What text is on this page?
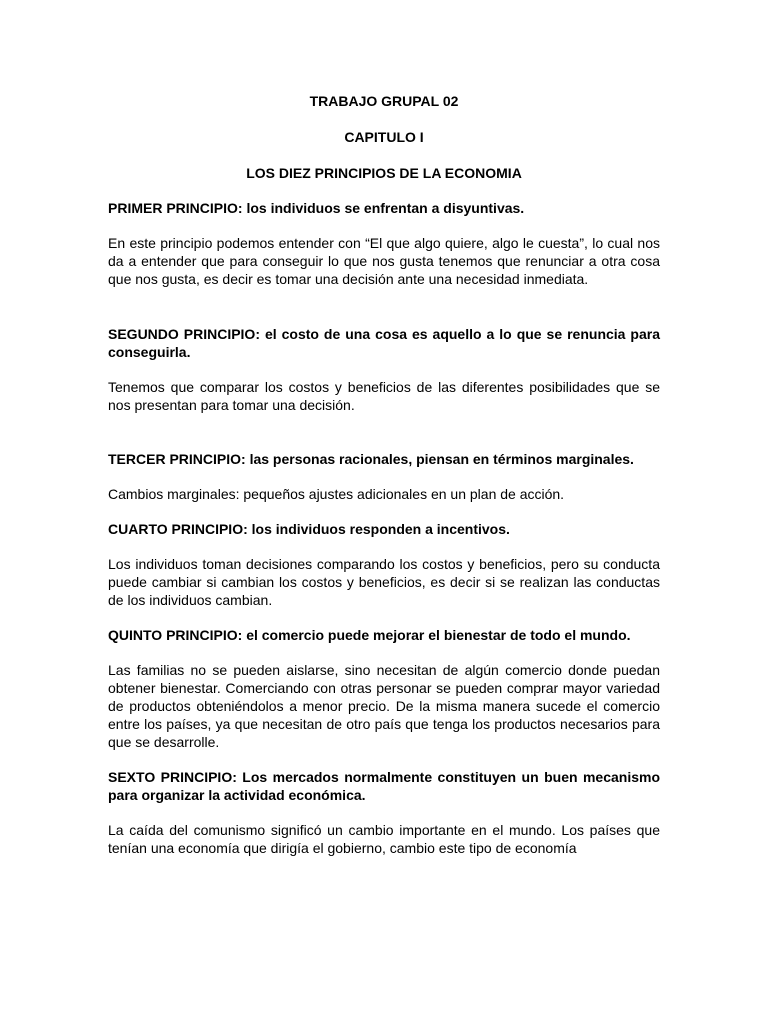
TRABAJO GRUPAL 02

CAPITULO I

LOS DIEZ PRINCIPIOS DE LA ECONOMIA

PRIMER PRINCIPIO: los individuos se enfrentan a disyuntivas.

En este principio podemos entender con “El que algo quiere, algo le cuesta”, lo cual nos da a entender que para conseguir lo que nos gusta tenemos que renunciar a otra cosa que nos gusta, es decir es tomar una decisión ante una necesidad inmediata.

SEGUNDO PRINCIPIO: el costo de una cosa es aquello a lo que se renuncia para conseguirla.

Tenemos que comparar los costos y beneficios de las diferentes posibilidades que se nos presentan para tomar una decisión.

TERCER PRINCIPIO: las personas racionales, piensan en términos marginales.

Cambios marginales: pequeños ajustes adicionales en un plan de acción.

CUARTO PRINCIPIO: los individuos responden a incentivos.

Los individuos toman decisiones comparando los costos y beneficios, pero su conducta puede cambiar si cambian los costos y beneficios, es decir si se realizan las conductas de los individuos cambian.

QUINTO PRINCIPIO: el comercio puede mejorar el bienestar de todo el mundo.

Las familias no se pueden aislarse, sino necesitan de algún comercio donde puedan obtener bienestar. Comerciando con otras personar se pueden comprar mayor variedad de productos obteniéndolos a menor precio. De la misma manera sucede el comercio entre los países, ya que necesitan de otro país que tenga los productos necesarios para que se desarrolle.

SEXTO PRINCIPIO: Los mercados normalmente constituyen un buen mecanismo para organizar la actividad económica.

La caída del comunismo significó un cambio importante en el mundo. Los países que tenían una economía que dirigía el gobierno, cambio este tipo de economía
